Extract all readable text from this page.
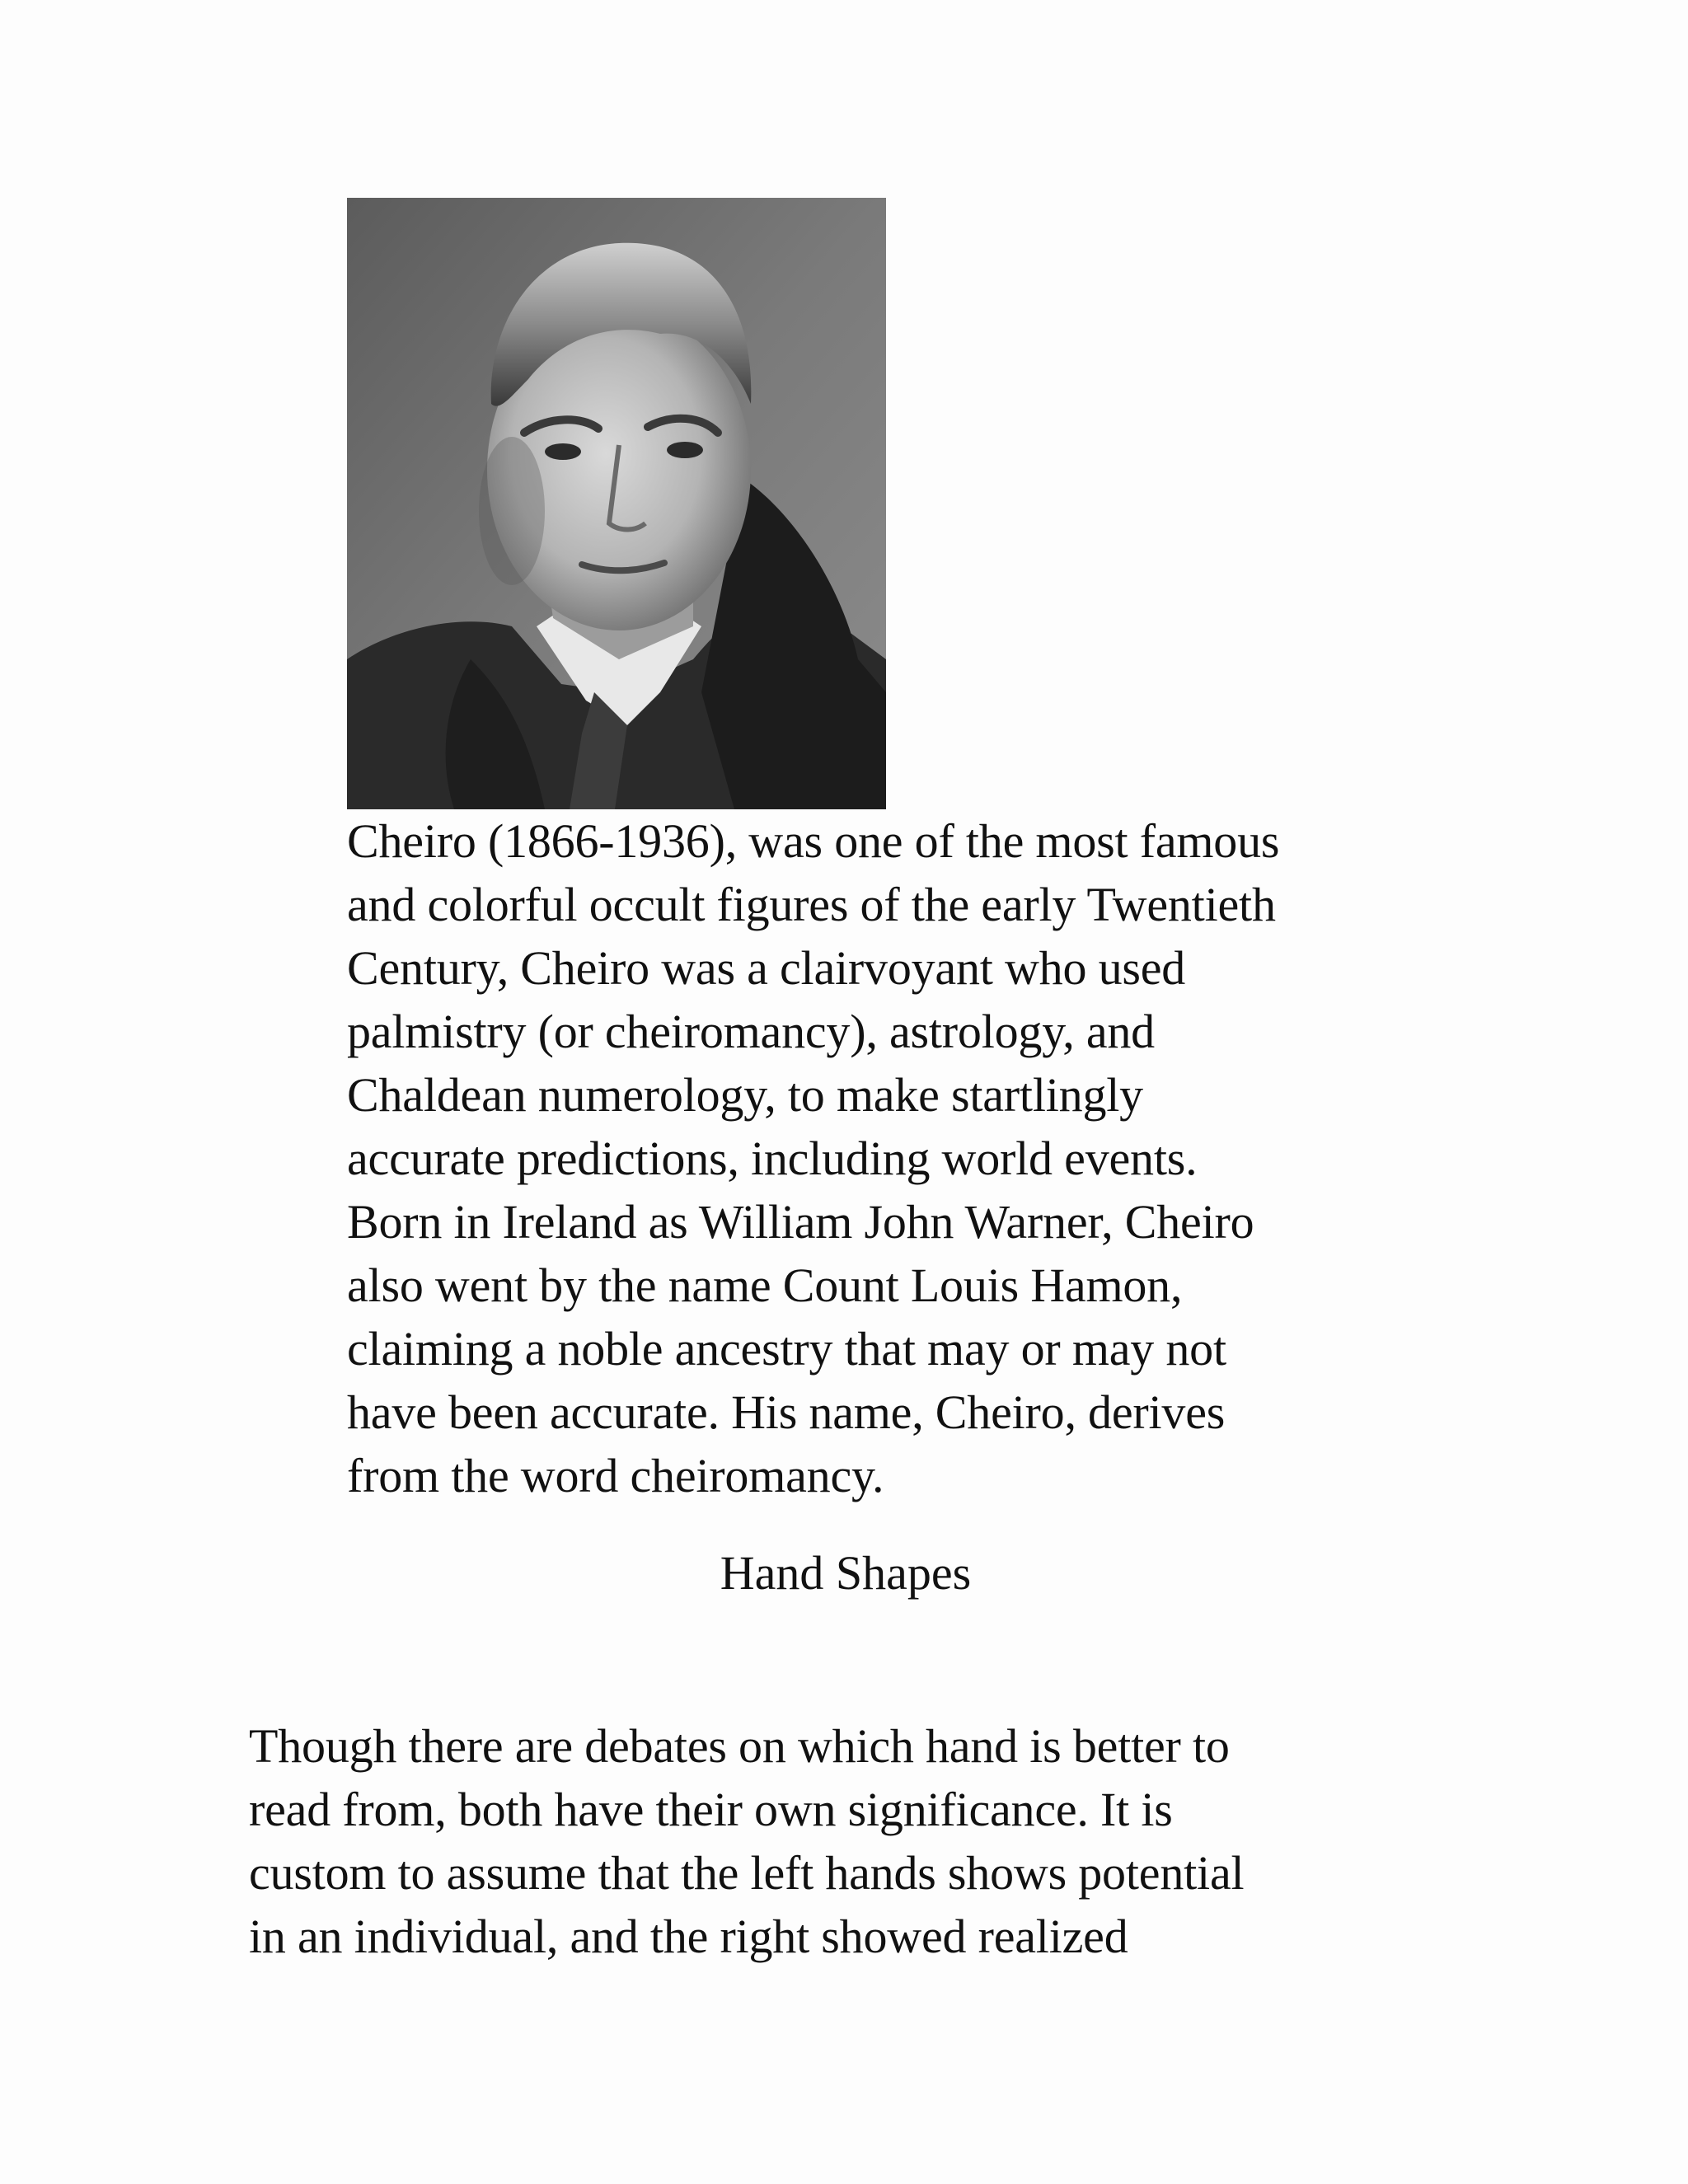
Cheiro (1866-1936), was one of the most famous
and colorful occult figures of the early Twentieth
Century, Cheiro was a clairvoyant who used
palmistry (or cheiromancy), astrology, and
Chaldean numerology, to make startlingly
accurate predictions, including world events.
Born in Ireland as William John Warner, Cheiro
also went by the name Count Louis Hamon,
claiming a noble ancestry that may or may not
have been accurate. His name, Cheiro, derives
from the word cheiromancy.
Hand Shapes
Though there are debates on which hand is better to
read from, both have their own significance. It is
custom to assume that the left hands shows potential
in an individual, and the right showed realized
